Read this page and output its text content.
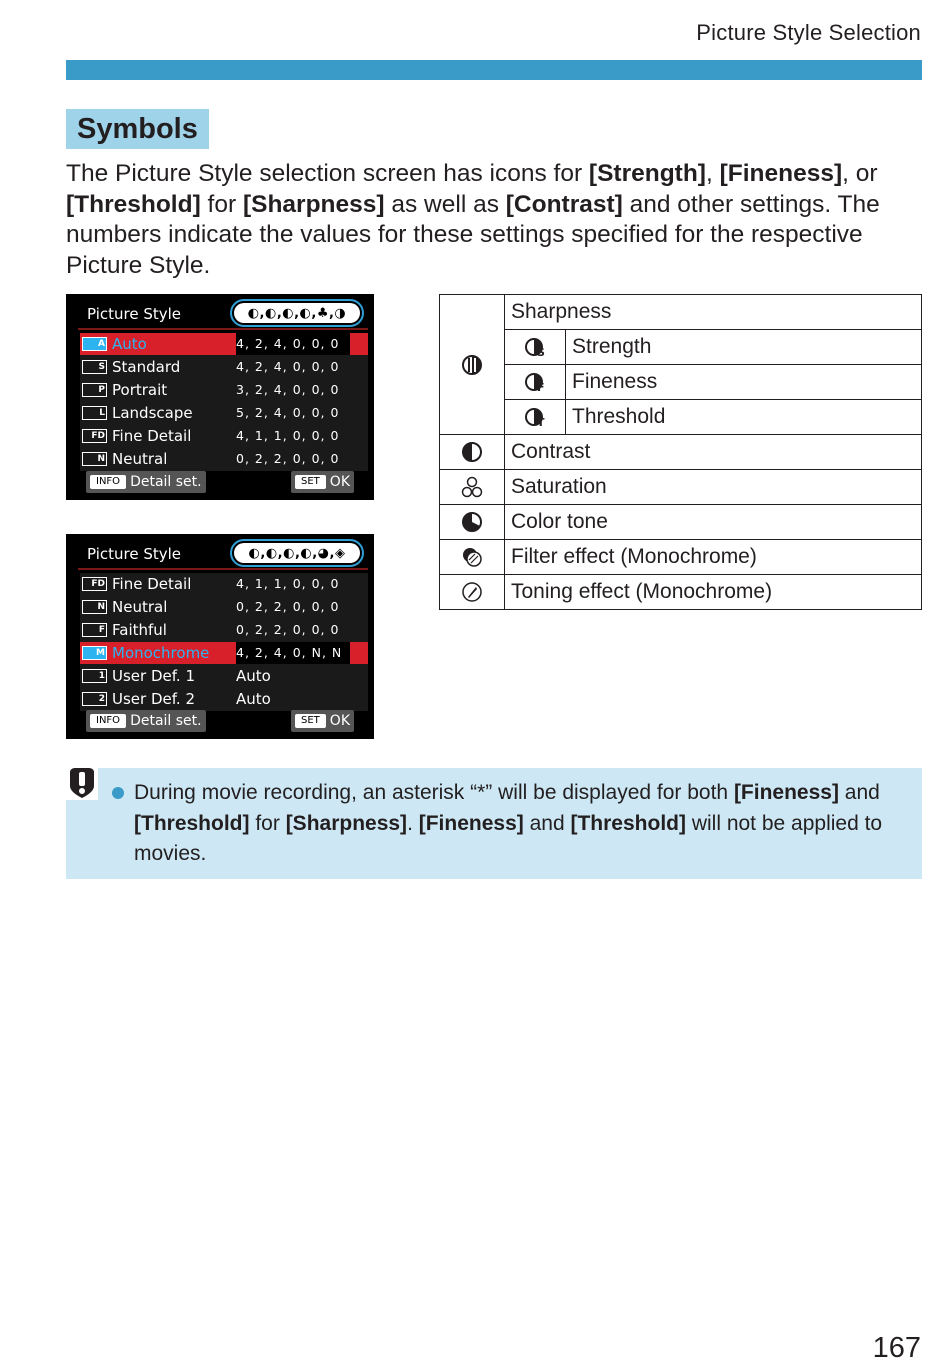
Picture Style Selection
Symbols

The Picture Style selection screen has icons for [Strength], [Fineness], or [Threshold] for [Sharpness] as well as [Contrast] and other settings. The numbers indicate the values for these settings specified for the respective Picture Style.

Picture Style	◐,◐,◐,◐,♣,◑
A Auto	4, 2, 4, 0, 0, 0
S Standard	4, 2, 4, 0, 0, 0
P Portrait	3, 2, 4, 0, 0, 0
L Landscape	5, 2, 4, 0, 0, 0
FD Fine Detail	4, 1, 1, 0, 0, 0
N Neutral	0, 2, 2, 0, 0, 0
INFO Detail set.	SET OK
Picture Style	◐,◐,◐,◐,◕,◈
FD Fine Detail	4, 1, 1, 0, 0, 0
N Neutral	0, 2, 2, 0, 0, 0
F Faithful	0, 2, 2, 0, 0, 0
M Monochrome 4, 2, 4, 0, N, N
1 User Def. 1	Auto
2 User Def. 2	Auto
INFO Detail set.	SET OK
	Sharpness	

S	Strength

F	Fineness

T	Threshold
	Contrast	
	Saturation	
	Color tone	
	Filter effect (Monochrome)	
	Toning effect (Monochrome)	

During movie recording, an asterisk “*” will be displayed for both [Fineness] and [Threshold] for [Sharpness]. [Fineness] and [Threshold] will not be applied to movies.

167
